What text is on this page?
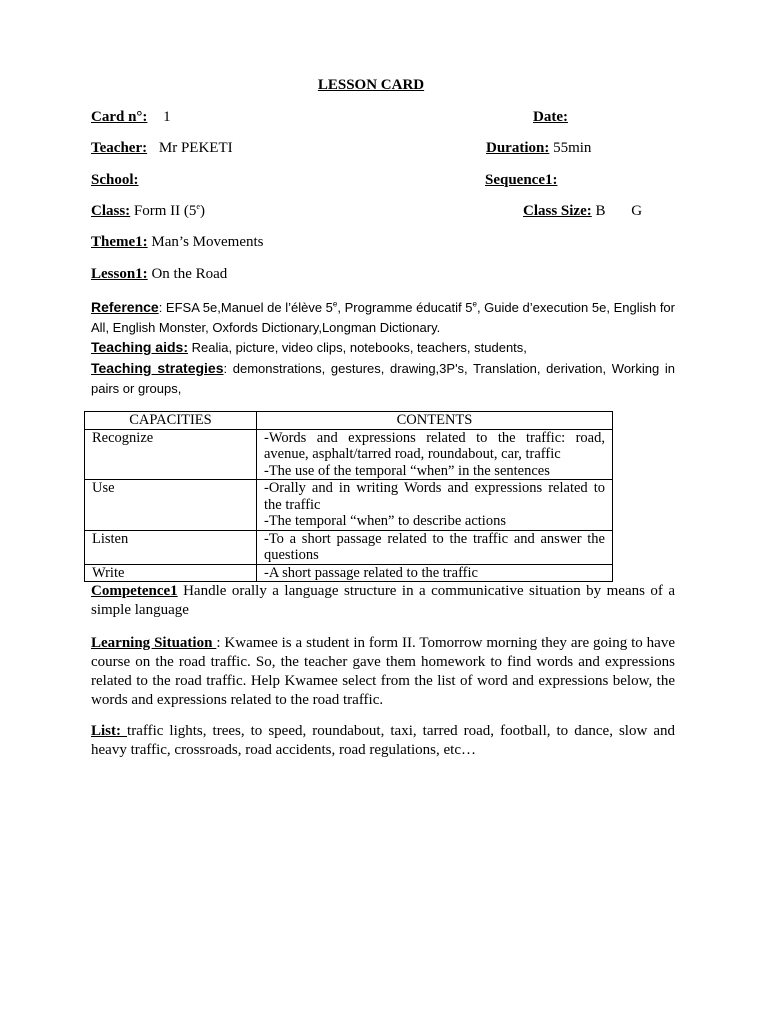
LESSON CARD
Card n°: 1	Date:
Teacher: Mr PEKETI	Duration: 55min
School:	Sequence1:
Class: Form II (5e)	Class Size: B G
Theme1: Man’s Movements
Lesson1: On the Road
Reference: EFSA 5e,Manuel de l’élève 5e, Programme éducatif 5e, Guide d’execution 5e, English for All, English Monster, Oxfords Dictionary,Longman Dictionary.
Teaching aids: Realia, picture, video clips, notebooks, teachers, students,
Teaching strategies: demonstrations, gestures, drawing,3P's, Translation, derivation, Working in pairs or groups,
CAPACITIES	CONTENTS
Recognize	-Words and expressions related to the traffic: road, avenue, asphalt/tarred road, roundabout, car, traffic
-The use of the temporal “when” in the sentences

Use	-Orally and in writing Words and expressions related to the traffic
-The temporal “when” to describe actions

Listen	-To a short passage related to the traffic and answer the questions

Write	-A short passage related to the traffic
Competence1 Handle orally a language structure in a communicative situation by means of a simple language
Learning Situation : Kwamee is a student in form II. Tomorrow morning they are going to have course on the road traffic. So, the teacher gave them homework to find words and expressions related to the road traffic. Help Kwamee select from the list of word and expressions below, the words and expressions related to the road traffic.
List: traffic lights, trees, to speed, roundabout, taxi, tarred road, football, to dance, slow and heavy traffic, crossroads, road accidents, road regulations, etc…
